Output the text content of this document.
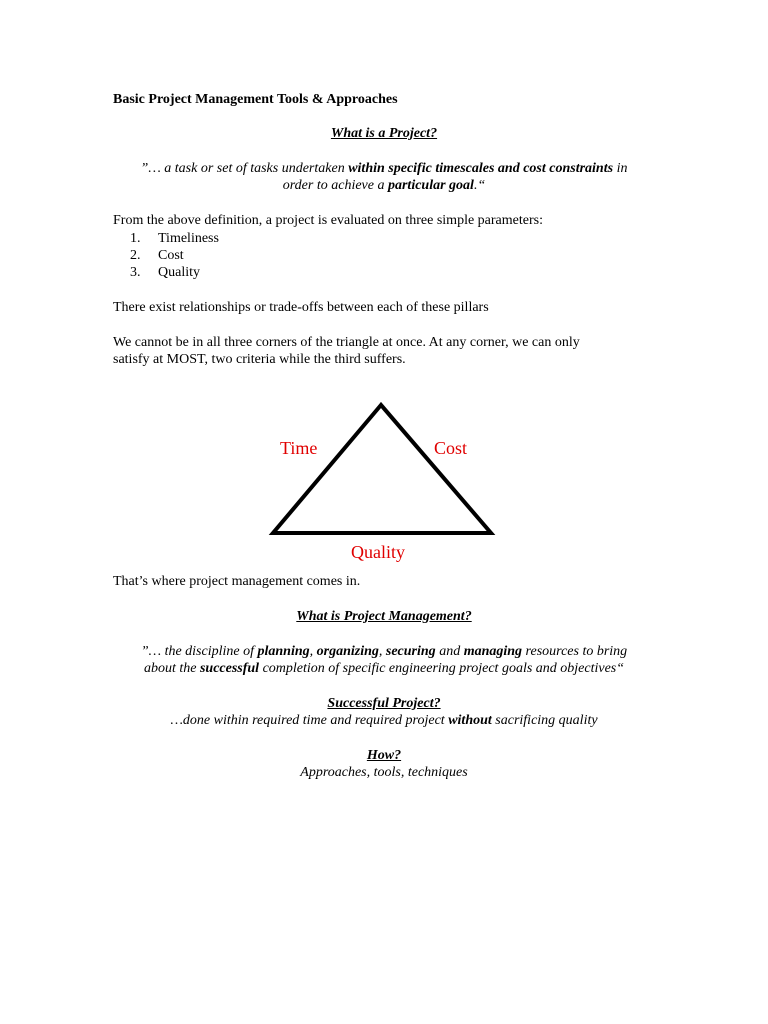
Basic Project Management Tools & Approaches
What is a Project?
”… a task or set of tasks undertaken within specific timescales and cost constraints in
order to achieve a particular goal.“
From the above definition, a project is evaluated on three simple parameters:
1. Timeliness
2. Cost
3. Quality
There exist relationships or trade-offs between each of these pillars
We cannot be in all three corners of the triangle at once. At any corner, we can only
satisfy at MOST, two criteria while the third suffers.
Time	Cost
Quality
That’s where project management comes in.
What is Project Management?
”… the discipline of planning, organizing, securing and managing resources to bring
about the successful completion of specific engineering project goals and objectives“
Successful Project?
…done within required time and required project without sacrificing quality
How?
Approaches, tools, techniques
